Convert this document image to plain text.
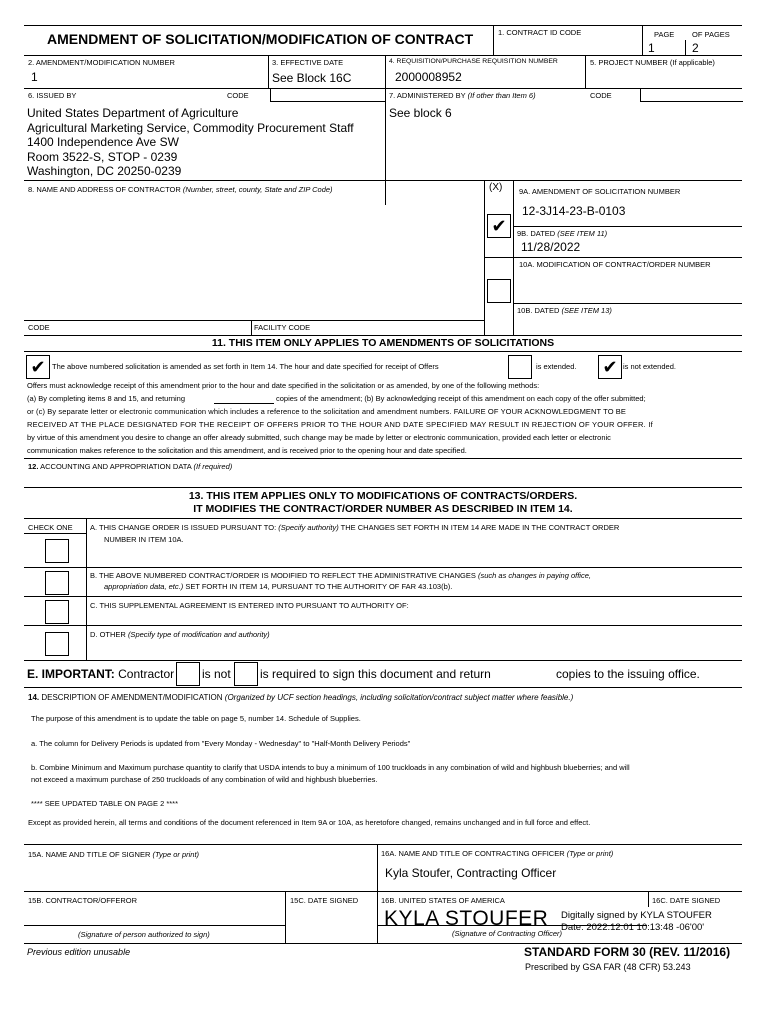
AMENDMENT OF SOLICITATION/MODIFICATION OF CONTRACT	1. CONTRACT ID CODE	PAGE OF PAGES
1	2
2. AMENDMENT/MODIFICATION NUMBER
1
3. EFFECTIVE DATE
See Block 16C
4. REQUISITION/PURCHASE REQUISITION NUMBER
2000008952
5. PROJECT NUMBER (If applicable)
6. ISSUED BY	CODE	7. ADMINISTERED BY (If other than Item 6)	CODE
United States Department of Agriculture
Agricultural Marketing Service, Commodity Procurement Staff
1400 Independence Ave SW
Room 3522-S, STOP - 0239
Washington, DC 20250-0239
See block 6
8. NAME AND ADDRESS OF CONTRACTOR (Number, street, county, State and ZIP Code)	(X) 9A. AMENDMENT OF SOLICITATION NUMBER
12-3J14-23-B-0103
✔	9B. DATED (SEE ITEM 11)
11/28/2022
10A. MODIFICATION OF CONTRACT/ORDER NUMBER
10B. DATED (SEE ITEM 13)
CODE	FACILITY CODE
11. THIS ITEM ONLY APPLIES TO AMENDMENTS OF SOLICITATIONS
✔ The above numbered solicitation is amended as set forth in Item 14. The hour and date specified for receipt of Offers	is extended. ✔ is not extended.
Offers must acknowledge receipt of this amendment prior to the hour and date specified in the solicitation or as amended, by one of the following methods:
(a) By completing items 8 and 15, and returning	copies of the amendment; (b) By acknowledging receipt of this amendment on each copy of the offer submitted;
or (c) By separate letter or electronic communication which includes a reference to the solicitation and amendment numbers. FAILURE OF YOUR ACKNOWLEDGMENT TO BE
RECEIVED AT THE PLACE DESIGNATED FOR THE RECEIPT OF OFFERS PRIOR TO THE HOUR AND DATE SPECIFIED MAY RESULT IN REJECTION OF YOUR OFFER. If
by virtue of this amendment you desire to change an offer already submitted, such change may be made by letter or electronic communication, provided each letter or electronic
communication makes reference to the solicitation and this amendment, and is received prior to the opening hour and date specified.
12. ACCOUNTING AND APPROPRIATION DATA (If required)
13. THIS ITEM APPLIES ONLY TO MODIFICATIONS OF CONTRACTS/ORDERS.
IT MODIFIES THE CONTRACT/ORDER NUMBER AS DESCRIBED IN ITEM 14.
CHECK ONE A. THIS CHANGE ORDER IS ISSUED PURSUANT TO: (Specify authority) THE CHANGES SET FORTH IN ITEM 14 ARE MADE IN THE CONTRACT ORDER
NUMBER IN ITEM 10A.
B. THE ABOVE NUMBERED CONTRACT/ORDER IS MODIFIED TO REFLECT THE ADMINISTRATIVE CHANGES (such as changes in paying office,
appropriation data, etc.) SET FORTH IN ITEM 14, PURSUANT TO THE AUTHORITY OF FAR 43.103(b).
C. THIS SUPPLEMENTAL AGREEMENT IS ENTERED INTO PURSUANT TO AUTHORITY OF:
D. OTHER (Specify type of modification and authority)
E. IMPORTANT: Contractor is not is required to sign this document and return	copies to the issuing office.
14. DESCRIPTION OF AMENDMENT/MODIFICATION (Organized by UCF section headings, including solicitation/contract subject matter where feasible.)
The purpose of this amendment is to update the table on page 5, number 14. Schedule of Supplies.
a. The column for Delivery Periods is updated from "Every Monday - Wednesday" to "Half-Month Delivery Periods"
b. Combine Minimum and Maximum purchase quantity to clarify that USDA intends to buy a minimum of 100 truckloads in any combination of wild and highbush blueberries; and will
not exceed a maximum purchase of 250 truckloads of any combination of wild and highbush blueberries.
**** SEE UPDATED TABLE ON PAGE 2 ****
Except as provided herein, all terms and conditions of the document referenced in Item 9A or 10A, as heretofore changed, remains unchanged and in full force and effect.
15A. NAME AND TITLE OF SIGNER (Type or print)	16A. NAME AND TITLE OF CONTRACTING OFFICER (Type or print)
Kyla Stoufer, Contracting Officer
15B. CONTRACTOR/OFFEROR	15C. DATE SIGNED	16B. UNITED STATES OF AMERICA	16C. DATE SIGNED
(Signature of person authorized to sign)
KYLA STOUFER Digitally signed by KYLA STOUFER
Date: 2022.12.01 10:13:48 -06'00'
(Signature of Contracting Officer)
Previous edition unusable	STANDARD FORM 30 (REV. 11/2016)
Prescribed by GSA FAR (48 CFR) 53.243
